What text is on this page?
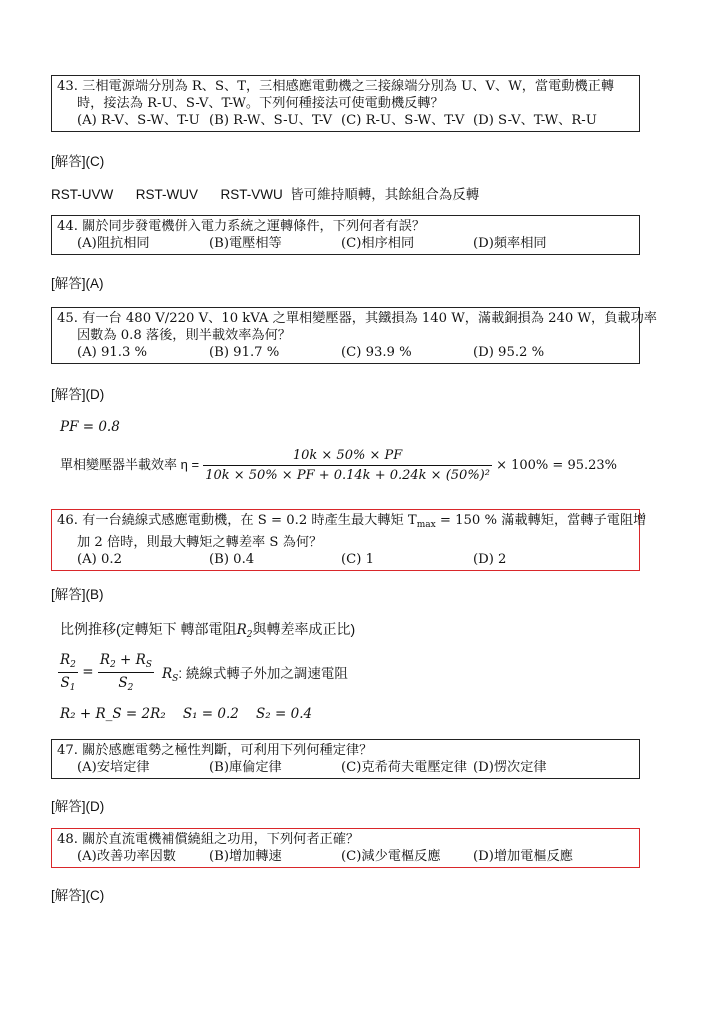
43. 三相電源端分別為 R、S、T，三相感應電動機之三接線端分別為 U、V、W，當電動機正轉
時，接法為 R-U、S-V、T-W。下列何種接法可使電動機反轉？
(A) R-V、S-W、T-U (B) R-W、S-U、T-V (C) R-U、S-W、T-V (D) S-V、T-W、R-U
[解答](C)
RST-UVW      RST-WUV      RST-VWU  皆可維持順轉，其餘組合為反轉
44. 關於同步發電機併入電力系統之運轉條件，下列何者有誤？
(A)阻抗相同	(B)電壓相等	(C)相序相同	(D)頻率相同
[解答](A)
45. 有一台 480 V/220 V、10 kVA 之單相變壓器，其鐵損為 140 W，滿載銅損為 240 W，負載功率
因數為 0.8 落後，則半載效率為何？
(A) 91.3 %	(B) 91.7 %	(C) 93.9 %	(D) 95.2 %
[解答](D)
PF = 0.8
單相變壓器半載效率 $\eta = \frac{10k \times 50\% \times PF}{\text{10k × 50\% × PF + 0.14k + 0.24k × (50\%)²}} \times 100\% = 95.23\%$
46. 有一台繞線式感應電動機，在 S = 0.2 時產生最大轉矩 $T_{max} = 150$ % 滿載轉矩，當轉子電阻增
加 2 倍時，則最大轉矩之轉差率 S 為何？
(A) 0.2	(B) 0.4	(C) 1	(D) 2
[解答](B)
比例推移(定轉矩下 轉部電阻$R_2$與轉差率成正比)
$\frac{R_2}{S_1} = \frac{R_2 + R_S}{S_2} R_S$: 繞線式轉子外加之調速電阻
R₂ + R_S = 2R₂    S₁ = 0.2    S₂ = 0.4
47. 關於感應電勢之極性判斷，可利用下列何種定律？
(A)安培定律	(B)庫倫定律	(C)克希荷夫電壓定律 (D)愣次定律
[解答](D)
48. 關於直流電機補償繞組之功用，下列何者正確？
(A)改善功率因數	(B)增加轉速	(C)減少電樞反應 (D)增加電樞反應
[解答](C)
